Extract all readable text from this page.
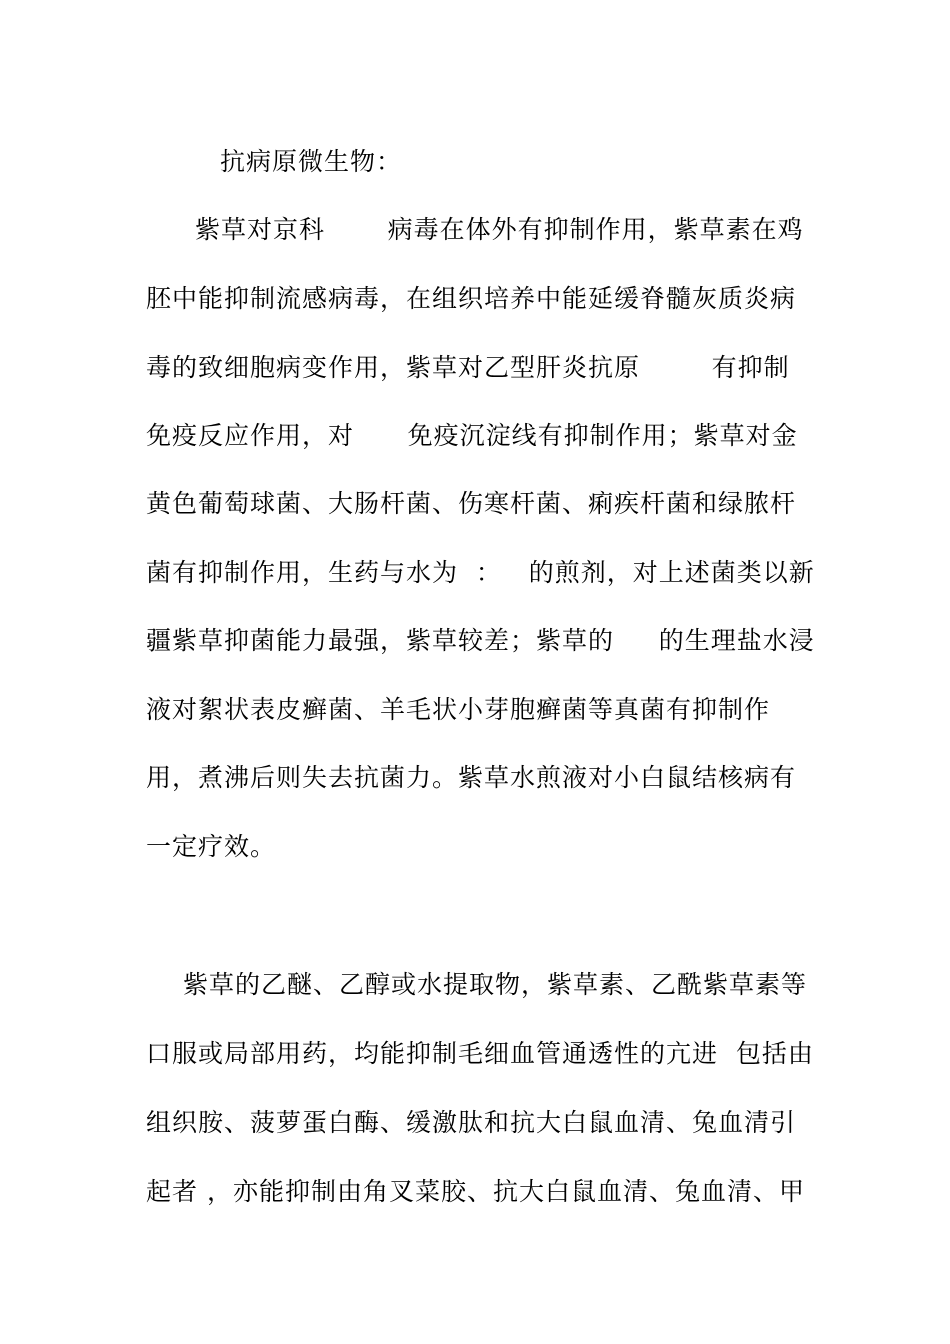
抗病原微生物：

紫草对京科       病毒在体外有抑制作用，紫草素在鸡

胚中能抑制流感病毒，在组织培养中能延缓脊髓灰质炎病

毒的致细胞病变作用，紫草对乙型肝炎抗原        有抑制

免疫反应作用，对      免疫沉淀线有抑制作用；紫草对金

黄色葡萄球菌、大肠杆菌、伤寒杆菌、痢疾杆菌和绿脓杆

菌有抑制作用，生药与水为  ：   的煎剂，对上述菌类以新

疆紫草抑菌能力最强，紫草较差；紫草的     的生理盐水浸

液对絮状表皮癣菌、羊毛状小芽胞癣菌等真菌有抑制作

用，煮沸后则失去抗菌力。紫草水煎液对小白鼠结核病有

一定疗效。

紫草的乙醚、乙醇或水提取物，紫草素、乙酰紫草素等

口服或局部用药，均能抑制毛细血管通透性的亢进  包括由

组织胺、菠萝蛋白酶、缓激肽和抗大白鼠血清、兔血清引

起者 ，亦能抑制由角叉菜胶、抗大白鼠血清、兔血清、甲
